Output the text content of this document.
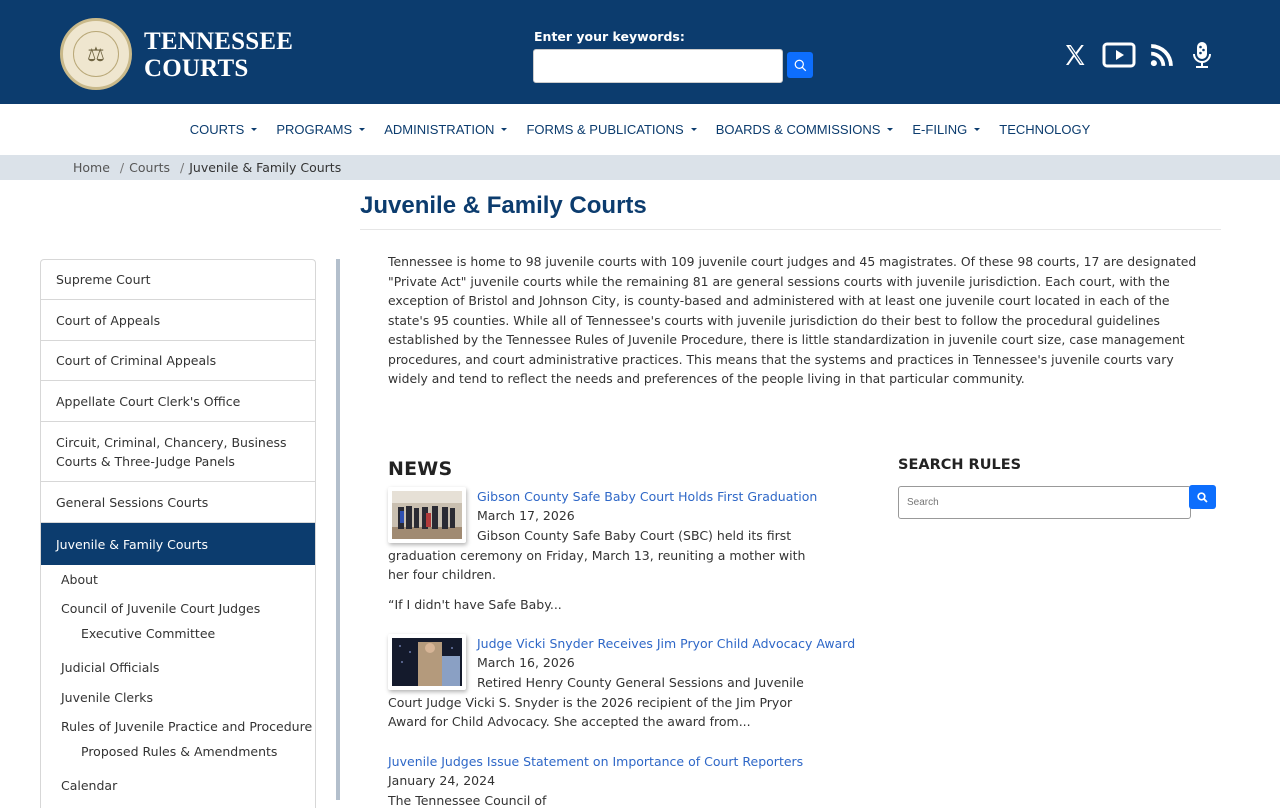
⚖	TENNESSEE
COURTS
Enter your keywords:
COURTS PROGRAMS ADMINISTRATION FORMS & PUBLICATIONS BOARDS & COMMISSIONS E-FILING TECHNOLOGY
Home / Courts / Juvenile & Family Courts
Juvenile & Family Courts
Supreme Court
Court of Appeals
Court of Criminal Appeals
Appellate Court Clerk's Office
Circuit, Criminal, Chancery, Business Courts & Three-Judge Panels
General Sessions Courts
Juvenile & Family Courts
About
Council of Juvenile Court Judges
Executive Committee
Judicial Officials
Juvenile Clerks
Rules of Juvenile Practice and Procedure
Proposed Rules & Amendments
Calendar

Tennessee is home to 98 juvenile courts with 109 juvenile court judges and 45 magistrates. Of these 98 courts, 17 are designated "Private Act" juvenile courts while the remaining 81 are general sessions courts with juvenile jurisdiction. Each court, with the exception of Bristol and Johnson City, is county-based and administered with at least one juvenile court located in each of the state's 95 counties. While all of Tennessee's courts with juvenile jurisdiction do their best to follow the procedural guidelines established by the Tennessee Rules of Juvenile Procedure, there is little standardization in juvenile court size, case management procedures, and court administrative practices. This means that the systems and practices in Tennessee's juvenile courts vary widely and tend to reflect the needs and preferences of the people living in that particular community.

NEWS
Gibson County Safe Baby Court Holds First Graduation
March 17, 2026
Gibson County Safe Baby Court (SBC) held its first graduation ceremony on Friday, March 13, reuniting a mother with her four children.
“If I didn't have Safe Baby...
Judge Vicki Snyder Receives Jim Pryor Child Advocacy Award
March 16, 2026
Retired Henry County General Sessions and Juvenile Court Judge Vicki S. Snyder is the 2026 recipient of the Jim Pryor Award for Child Advocacy. She accepted the award from...
Juvenile Judges Issue Statement on Importance of Court Reporters
January 24, 2024
The Tennessee Council of
SEARCH RULES
Search
